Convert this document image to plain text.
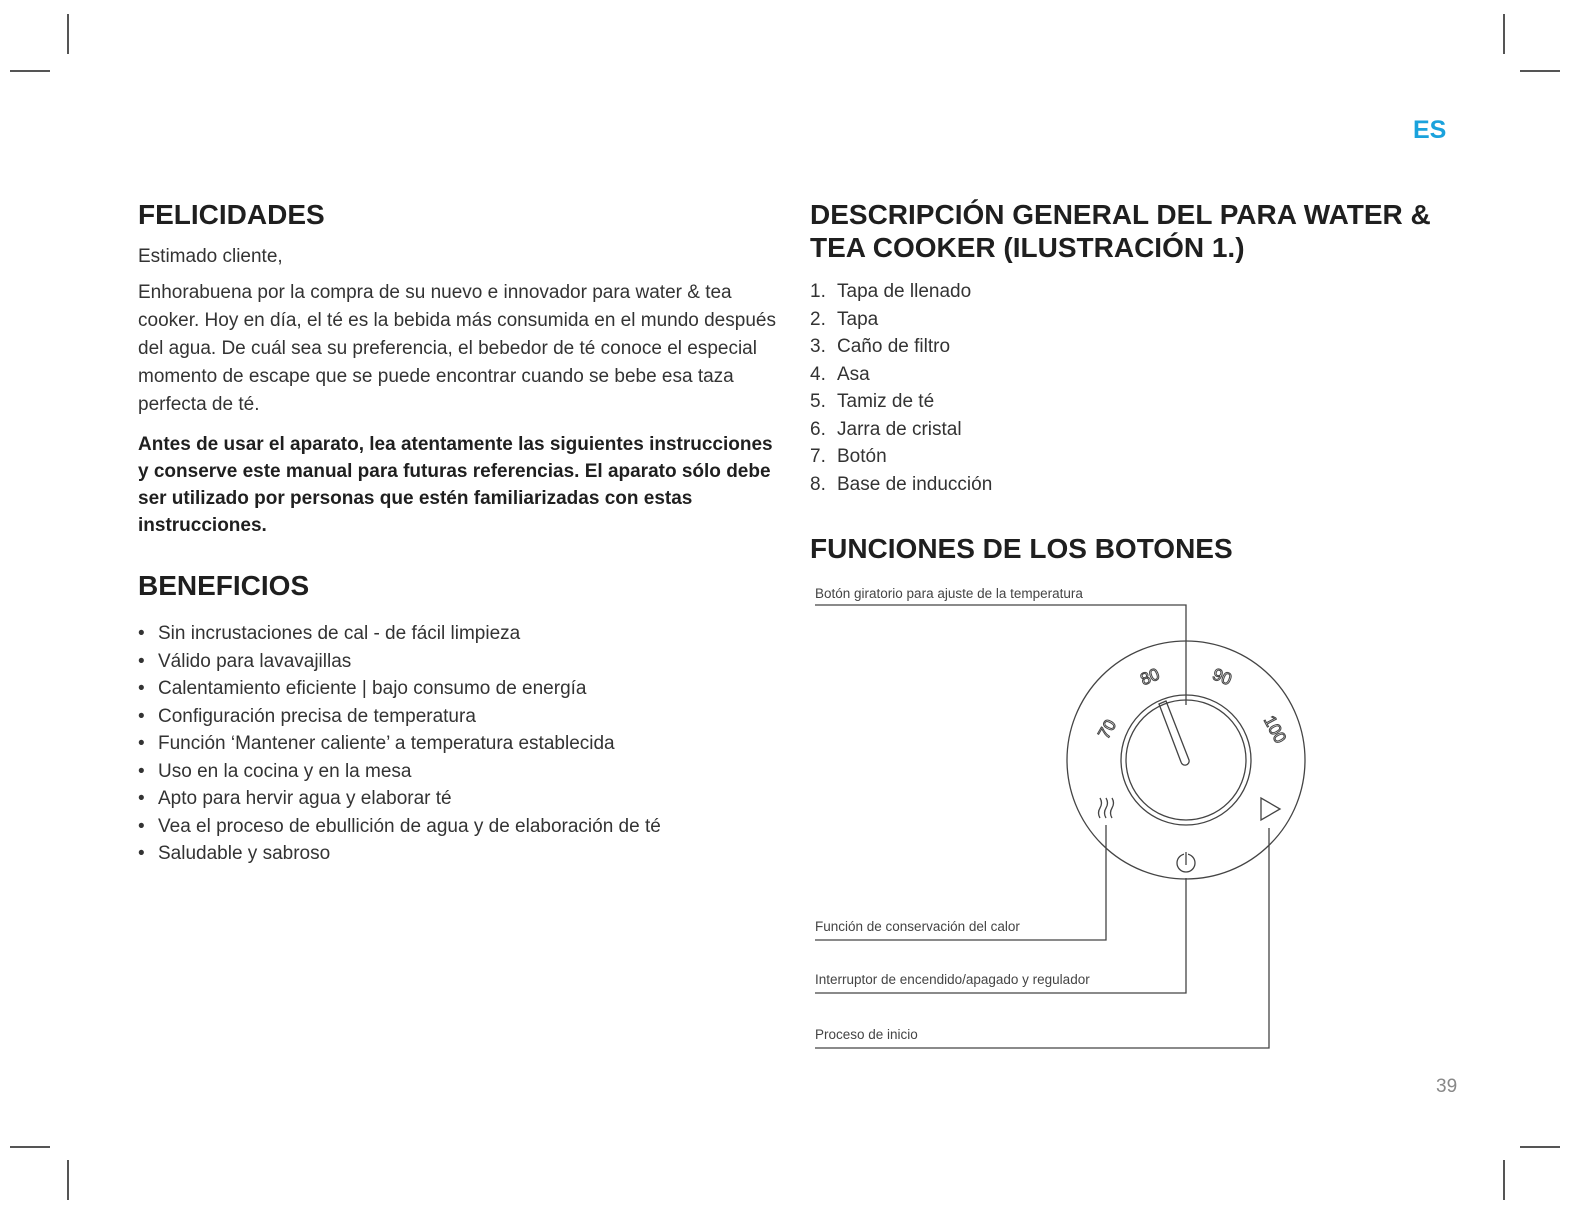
ES
FELICIDADES

Estimado cliente,

Enhorabuena por la compra de su nuevo e innovador para water & tea cooker. Hoy en día, el té es la bebida más consumida en el mundo después del agua. De cuál sea su preferencia, el bebedor de té conoce el especial momento de escape que se puede encontrar cuando se bebe esa taza perfecta de té.

Antes de usar el aparato, lea atentamente las siguientes instrucciones y conserve este manual para futuras referencias. El aparato sólo debe ser utilizado por personas que estén familiarizadas con estas instrucciones.

BENEFICIOS
• Sin incrustaciones de cal - de fácil limpieza
• Válido para lavavajillas
• Calentamiento eficiente | bajo consumo de energía
• Configuración precisa de temperatura
• Función ‘Mantener caliente’ a temperatura establecida
• Uso en la cocina y en la mesa
• Apto para hervir agua y elaborar té
• Vea el proceso de ebullición de agua y de elaboración de té
• Saludable y sabroso
DESCRIPCIÓN GENERAL DEL PARA WATER & TEA COOKER (ILUSTRACIÓN 1.)
1. Tapa de llenado
2. Tapa
3. Caño de filtro
4. Asa
5. Tamiz de té
6. Jarra de cristal
7. Botón
8. Base de inducción
FUNCIONES DE LOS BOTONES
70
80	90
100
Botón giratorio para ajuste de la temperatura
Función de conservación del calor
Interruptor de encendido/apagado y regulador
Proceso de inicio
39
